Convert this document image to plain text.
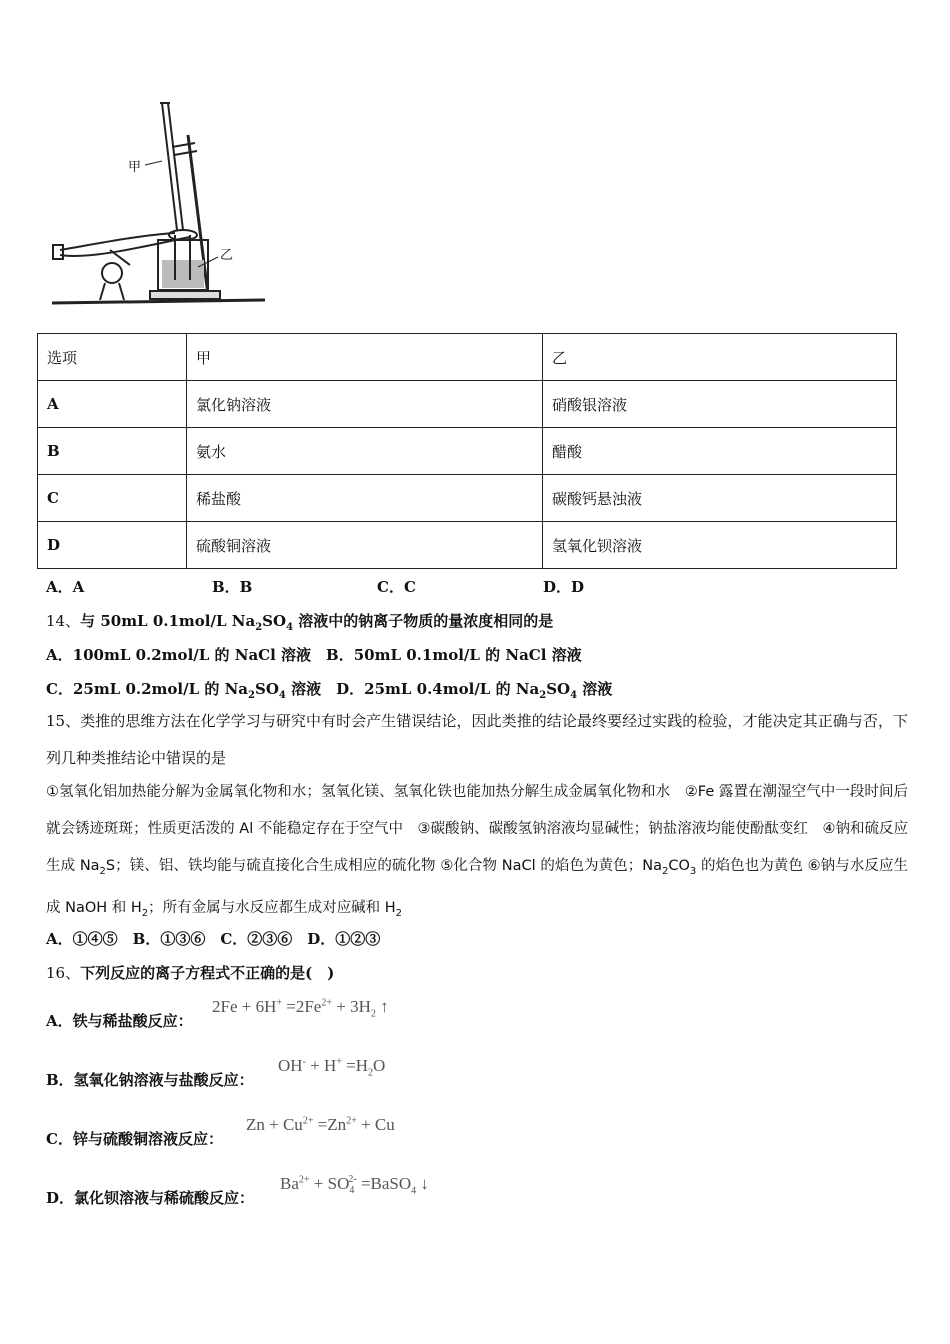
甲
乙
选项	甲	乙
A	氯化钠溶液	硝酸银溶液
B	氨水	醋酸
C	稀盐酸	碳酸钙悬浊液
D	硫酸铜溶液	氢氧化钡溶液
A．A	B．B	C．C	D．D
14、与 50mL 0.1mol/L $Na_2SO_4$ 溶液中的钠离子物质的量浓度相同的是
A．100mL 0.2mol/L 的 NaCl 溶液　 B．50mL 0.1mol/L 的 NaCl 溶液
C．25mL 0.2mol/L 的 $Na_2SO_4$ 溶液　 D．25mL 0.4mol/L 的 $Na_2SO_4$ 溶液
15、类推的思维方法在化学学习与研究中有时会产生错误结论，因此类推的结论最终要经过实践的检验，才能决定其正确与否，下列几种类推结论中错误的是
①氢氧化铝加热能分解为金属氧化物和水；氢氧化镁、氢氧化铁也能加热分解生成金属氧化物和水　 ②Fe 露置在潮湿空气中一段时间后就会锈迹斑斑；性质更活泼的 Al 不能稳定存在于空气中　 ③碳酸钠、碳酸氢钠溶液均显碱性；钠盐溶液均能使酚酞变红　 ④钠和硫反应生成 $Na_2S$；镁、铝、铁均能与硫直接化合生成相应的硫化物 ⑤化合物 NaCl 的焰色为黄色；$Na_2CO_3$ 的焰色也为黄色 ⑥钠与水反应生成 NaOH 和 $H_2$；所有金属与水反应都生成对应碱和 $H_2$
A．①④⑤　B．①③⑥　C．②③⑥　D．①②③
16、下列反应的离子方程式不正确的是(　)
A．铁与稀盐酸反应：
$2Fe + 6H^+ =2Fe^{2+} + 3H_2$ ↑
B．氢氧化钠溶液与盐酸反应：
$OH^- + H^+ =H_2O$
C．锌与硫酸铜溶液反应：
$Zn + Cu^{2+} =Zn^{2+} + Cu$
D．氯化钡溶液与稀硫酸反应：
$Ba^{2+} + SO_4^{2-}$ =BaSO$_4$ ↓
